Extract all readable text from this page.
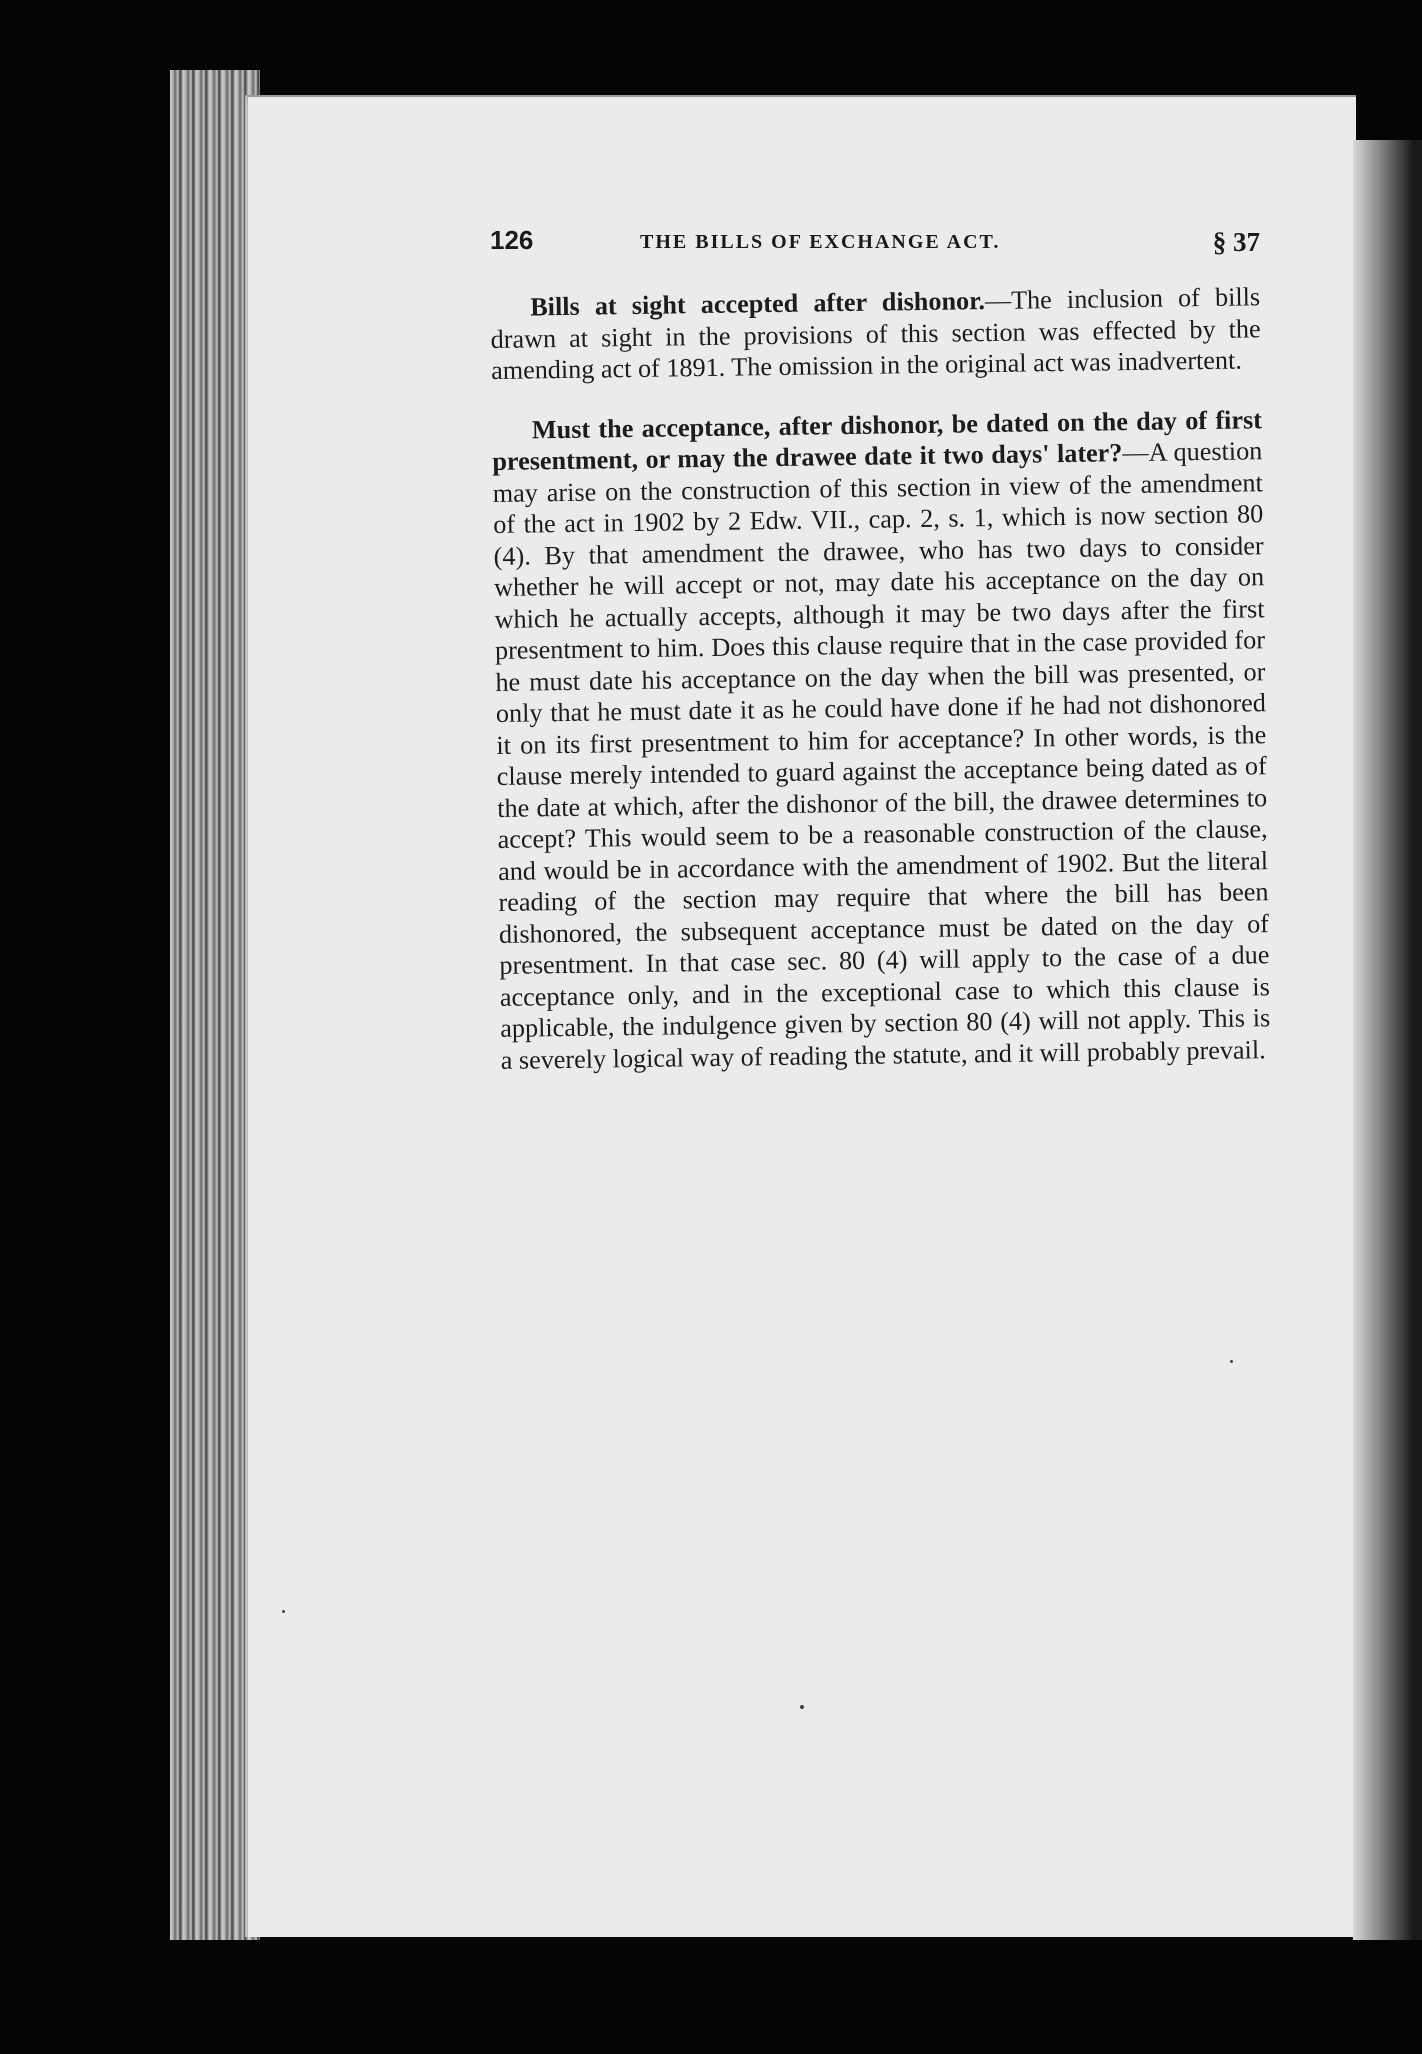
126	THE BILLS OF EXCHANGE ACT.	§ 37

Bills at sight accepted after dishonor.—The inclusion of bills drawn at sight in the provisions of this section was effected by the amending act of 1891. The omission in the original act was inadvertent.

Must the acceptance, after dishonor, be dated on the day of first presentment, or may the drawee date it two days' later?—A question may arise on the construction of this section in view of the amendment of the act in 1902 by 2 Edw. VII., cap. 2, s. 1, which is now section 80 (4). By that amendment the drawee, who has two days to consider whether he will accept or not, may date his acceptance on the day on which he actually accepts, although it may be two days after the first presentment to him. Does this clause require that in the case provided for he must date his acceptance on the day when the bill was presented, or only that he must date it as he could have done if he had not dishonored it on its first presentment to him for acceptance? In other words, is the clause merely intended to guard against the acceptance being dated as of the date at which, after the dishonor of the bill, the drawee determines to accept? This would seem to be a reasonable construction of the clause, and would be in accordance with the amendment of 1902. But the literal reading of the section may require that where the bill has been dishonored, the subsequent acceptance must be dated on the day of presentment. In that case sec. 80 (4) will apply to the case of a due acceptance only, and in the exceptional case to which this clause is applicable, the indulgence given by section 80 (4) will not apply. This is a severely logical way of reading the statute, and it will probably prevail.
